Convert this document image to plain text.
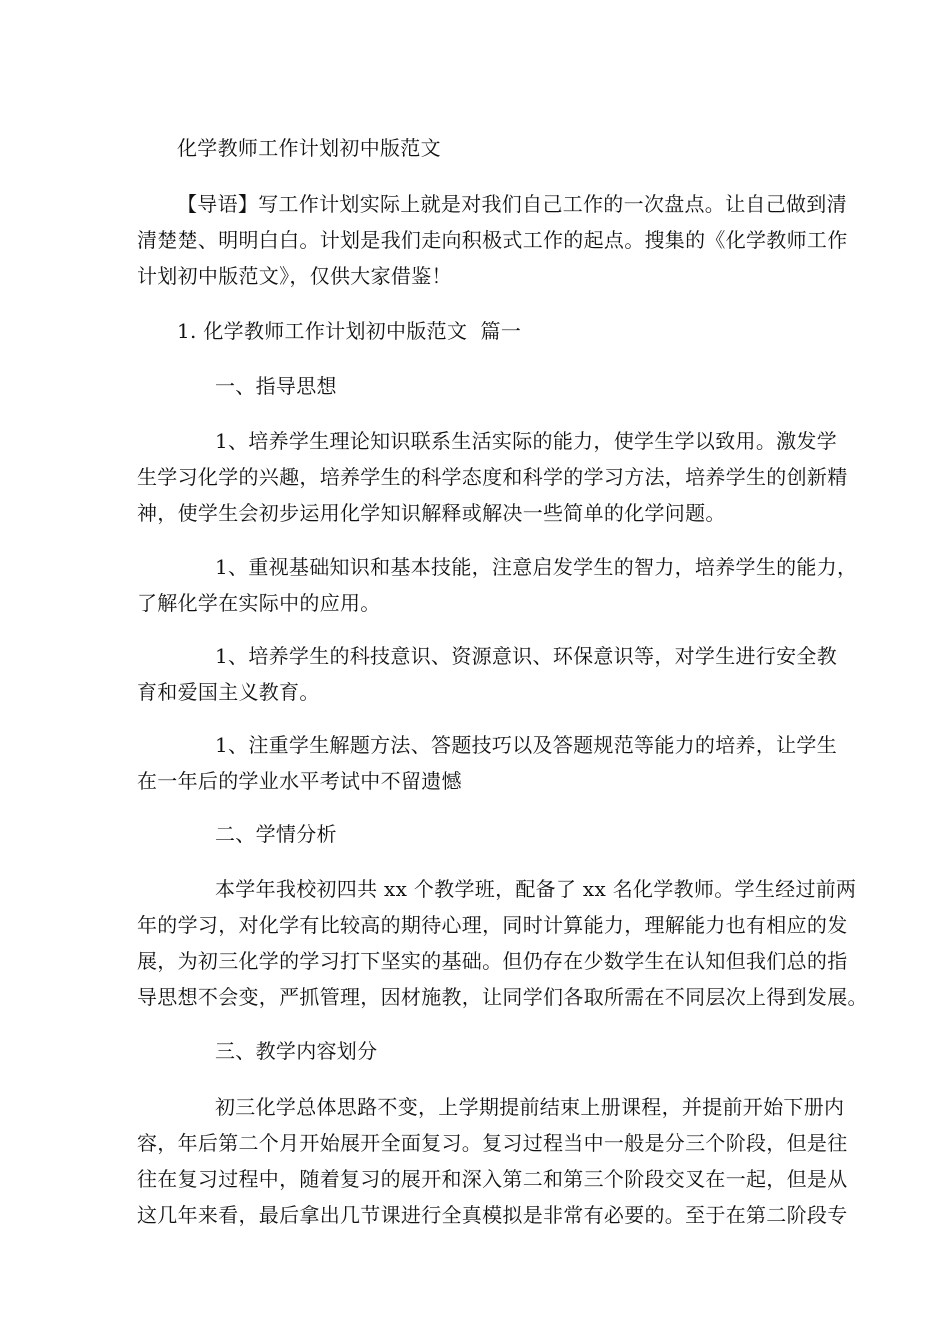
化学教师工作计划初中版范文
【导语】写工作计划实际上就是对我们自己工作的一次盘点。让自己做到清
清楚楚、明明白白。计划是我们走向积极式工作的起点。搜集的《化学教师工作
计划初中版范文》，仅供大家借鉴！
1. 化学教师工作计划初中版范文  篇一
一、指导思想
1、培养学生理论知识联系生活实际的能力，使学生学以致用。激发学
生学习化学的兴趣，培养学生的科学态度和科学的学习方法，培养学生的创新精
神，使学生会初步运用化学知识解释或解决一些简单的化学问题。
1、重视基础知识和基本技能，注意启发学生的智力，培养学生的能力，
了解化学在实际中的应用。
1、培养学生的科技意识、资源意识、环保意识等，对学生进行安全教
育和爱国主义教育。
1、注重学生解题方法、答题技巧以及答题规范等能力的培养，让学生
在一年后的学业水平考试中不留遗憾
二、学情分析
本学年我校初四共 xx 个教学班，配备了 xx 名化学教师。学生经过前两
年的学习，对化学有比较高的期待心理，同时计算能力，理解能力也有相应的发
展，为初三化学的学习打下坚实的基础。但仍存在少数学生在认知但我们总的指
导思想不会变，严抓管理，因材施教，让同学们各取所需在不同层次上得到发展。
三、教学内容划分
初三化学总体思路不变，上学期提前结束上册课程，并提前开始下册内
容，年后第二个月开始展开全面复习。复习过程当中一般是分三个阶段，但是往
往在复习过程中，随着复习的展开和深入第二和第三个阶段交叉在一起，但是从
这几年来看，最后拿出几节课进行全真模拟是非常有必要的。至于在第二阶段专
